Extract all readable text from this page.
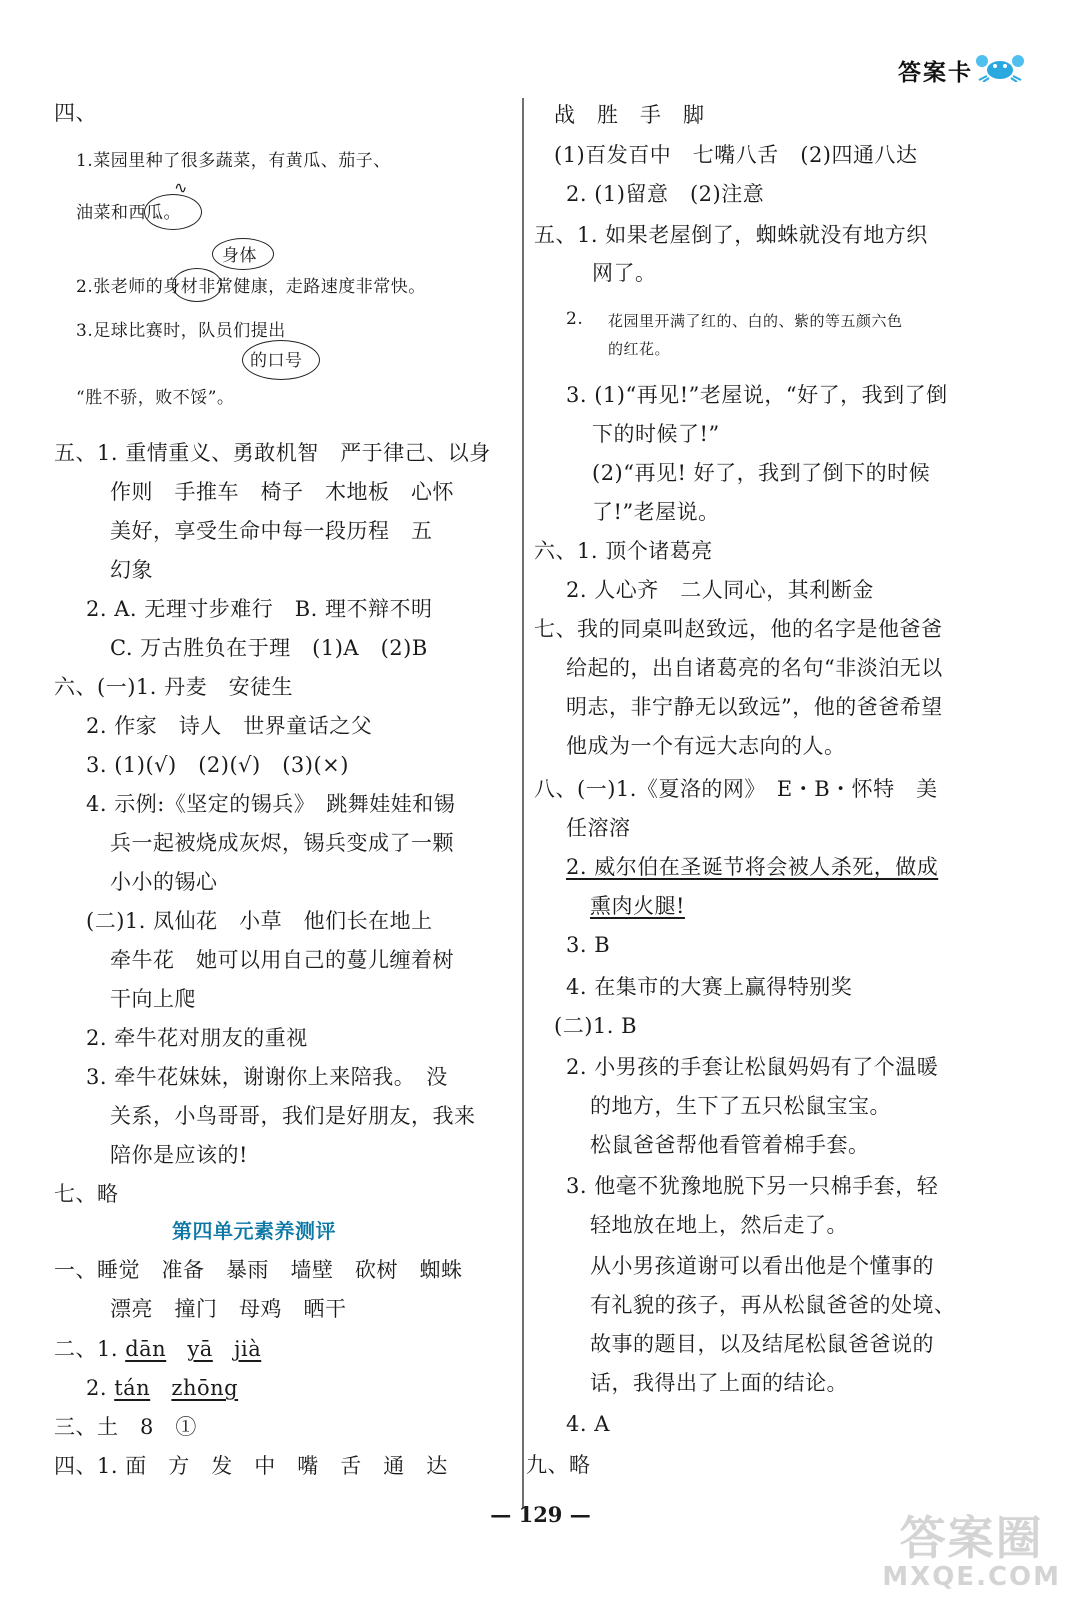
答案卡
四、
1.菜园里种了很多蔬菜，有黄瓜、茄子、
∿
油菜和西瓜。
身体
2.张老师的身材非常健康，走路速度非常快。
3.足球比赛时，队员们提出
的口号
“胜不骄，败不馁”。
五、1. 重情重义、勇敢机智　严于律己、以身
作则　手推车　椅子　木地板　心怀
美好，享受生命中每一段历程　五
幻象
2. A. 无理寸步难行　B. 理不辩不明
C. 万古胜负在于理　(1)A　(2)B
六、(一)1. 丹麦　安徒生
2. 作家　诗人　世界童话之父
3. (1)(√)　(2)(√)　(3)(×)
4. 示例:《坚定的锡兵》　跳舞娃娃和锡
兵一起被烧成灰烬，锡兵变成了一颗
小小的锡心
(二)1. 凤仙花　小草　他们长在地上
牵牛花　她可以用自己的蔓儿缠着树
干向上爬
2. 牵牛花对朋友的重视
3. 牵牛花妹妹，谢谢你上来陪我。　没
关系，小鸟哥哥，我们是好朋友，我来
陪你是应该的!
七、略
第四单元素养测评
一、睡觉　准备　暴雨　墙壁　砍树　蜘蛛
漂亮　撞门　母鸡　晒干
二、1. dān yā jià
2. tán zhōng
三、土　8　①
四、1. 面　方　发　中　嘴　舌　通　达
战　胜　手　脚
(1)百发百中　七嘴八舌　(2)四通八达
2. (1)留意　(2)注意
五、1. 如果老屋倒了，蜘蛛就没有地方织
网了。
2. 花园里开满了红的、白的、紫的等五颜六色
的红花。
3. (1)“再见!”老屋说，“好了，我到了倒
下的时候了!”
(2)“再见! 好了，我到了倒下的时候
了!”老屋说。
六、1. 顶个诸葛亮
2. 人心齐　二人同心，其利断金
七、我的同桌叫赵致远，他的名字是他爸爸
给起的，出自诸葛亮的名句“非淡泊无以
明志，非宁静无以致远”，他的爸爸希望
他成为一个有远大志向的人。
八、(一)1.《夏洛的网》　E・B・怀特　美
任溶溶
2. 威尔伯在圣诞节将会被人杀死，做成
熏肉火腿!
3. B
4. 在集市的大赛上赢得特别奖
(二)1. B
2. 小男孩的手套让松鼠妈妈有了个温暖
的地方，生下了五只松鼠宝宝。
松鼠爸爸帮他看管着棉手套。
3. 他毫不犹豫地脱下另一只棉手套，轻
轻地放在地上，然后走了。
从小男孩道谢可以看出他是个懂事的
有礼貌的孩子，再从松鼠爸爸的处境、
故事的题目，以及结尾松鼠爸爸说的
话，我得出了上面的结论。
4. A
九、略
— 129 —	答案圈
MXQE.COM
